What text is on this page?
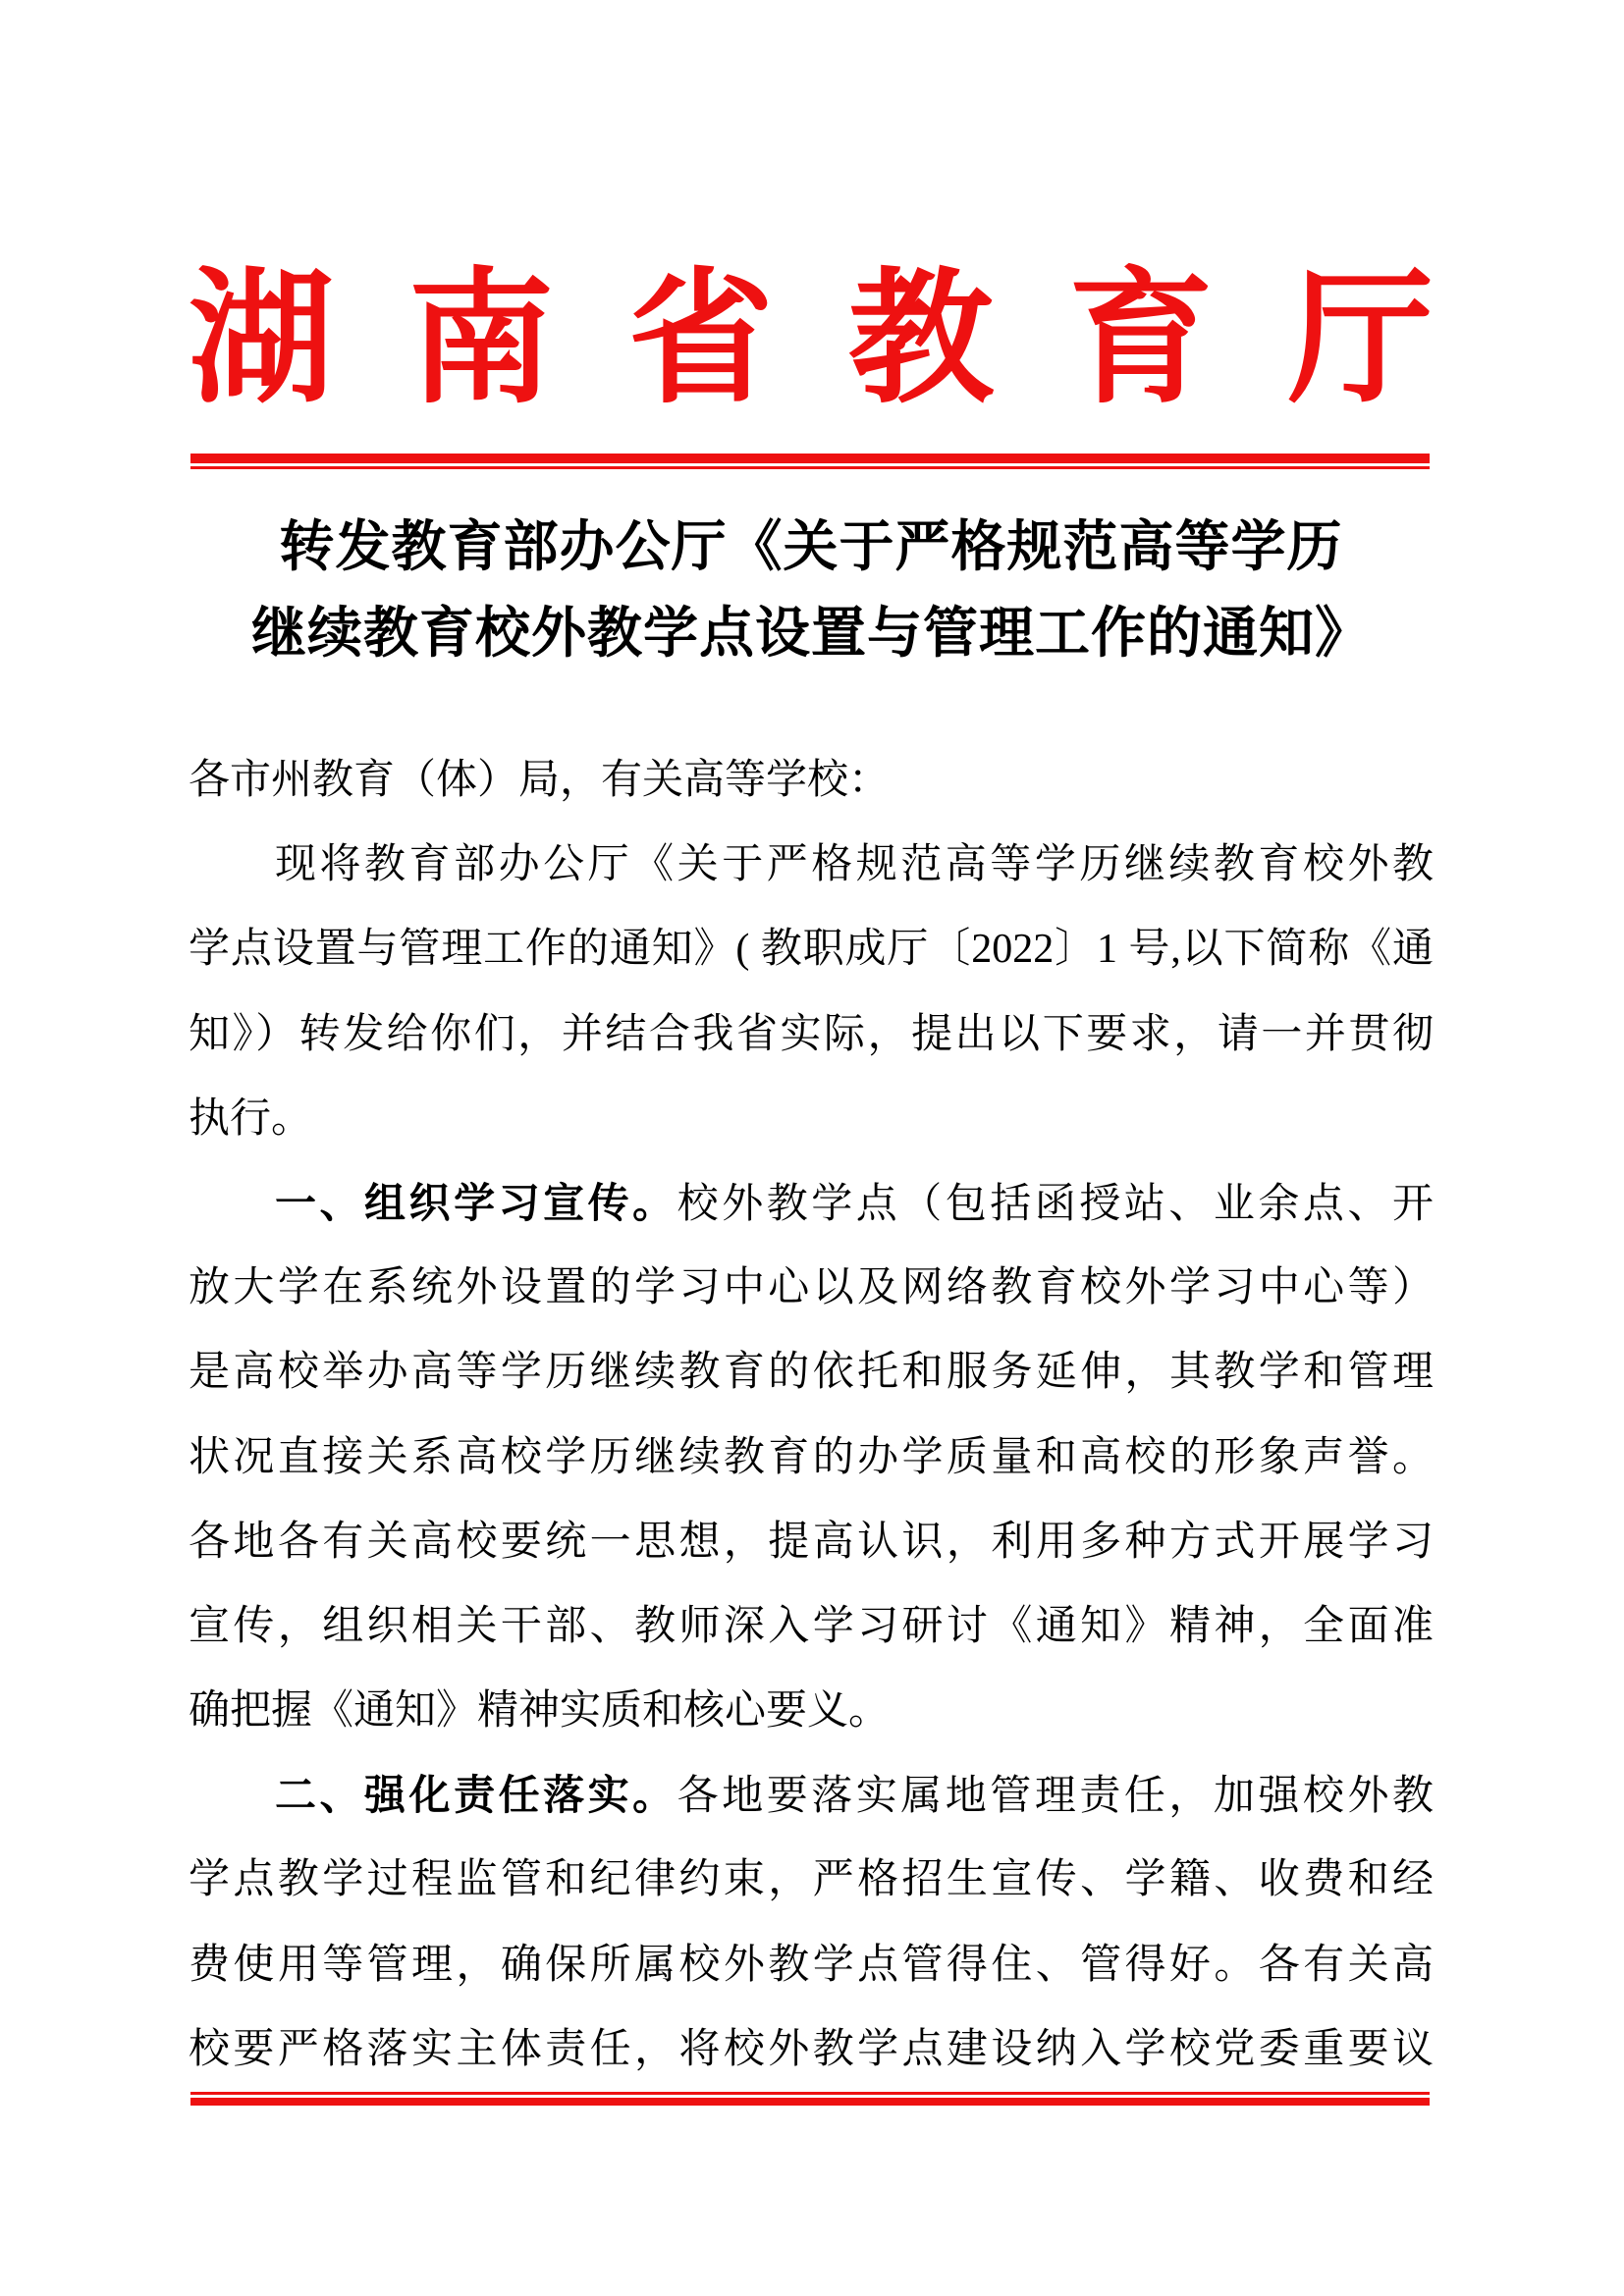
湖南省教育厅
转发教育部办公厅《关于严格规范高等学历
继续教育校外教学点设置与管理工作的通知》
各市州教育（体）局，有关高等学校：
现将教育部办公厅《关于严格规范高等学历继续教育校外教
学点设置与管理工作的通知》( 教职成厅〔2022〕1 号,以下简称《通
知》）转发给你们，并结合我省实际，提出以下要求，请一并贯彻
执行。
一、组织学习宣传。校外教学点（包括函授站、业余点、开
放大学在系统外设置的学习中心以及网络教育校外学习中心等）
是高校举办高等学历继续教育的依托和服务延伸，其教学和管理
状况直接关系高校学历继续教育的办学质量和高校的形象声誉。
各地各有关高校要统一思想，提高认识，利用多种方式开展学习
宣传，组织相关干部、教师深入学习研讨《通知》精神，全面准
确把握《通知》精神实质和核心要义。
二、强化责任落实。各地要落实属地管理责任，加强校外教
学点教学过程监管和纪律约束，严格招生宣传、学籍、收费和经
费使用等管理，确保所属校外教学点管得住、管得好。各有关高
校要严格落实主体责任，将校外教学点建设纳入学校党委重要议
